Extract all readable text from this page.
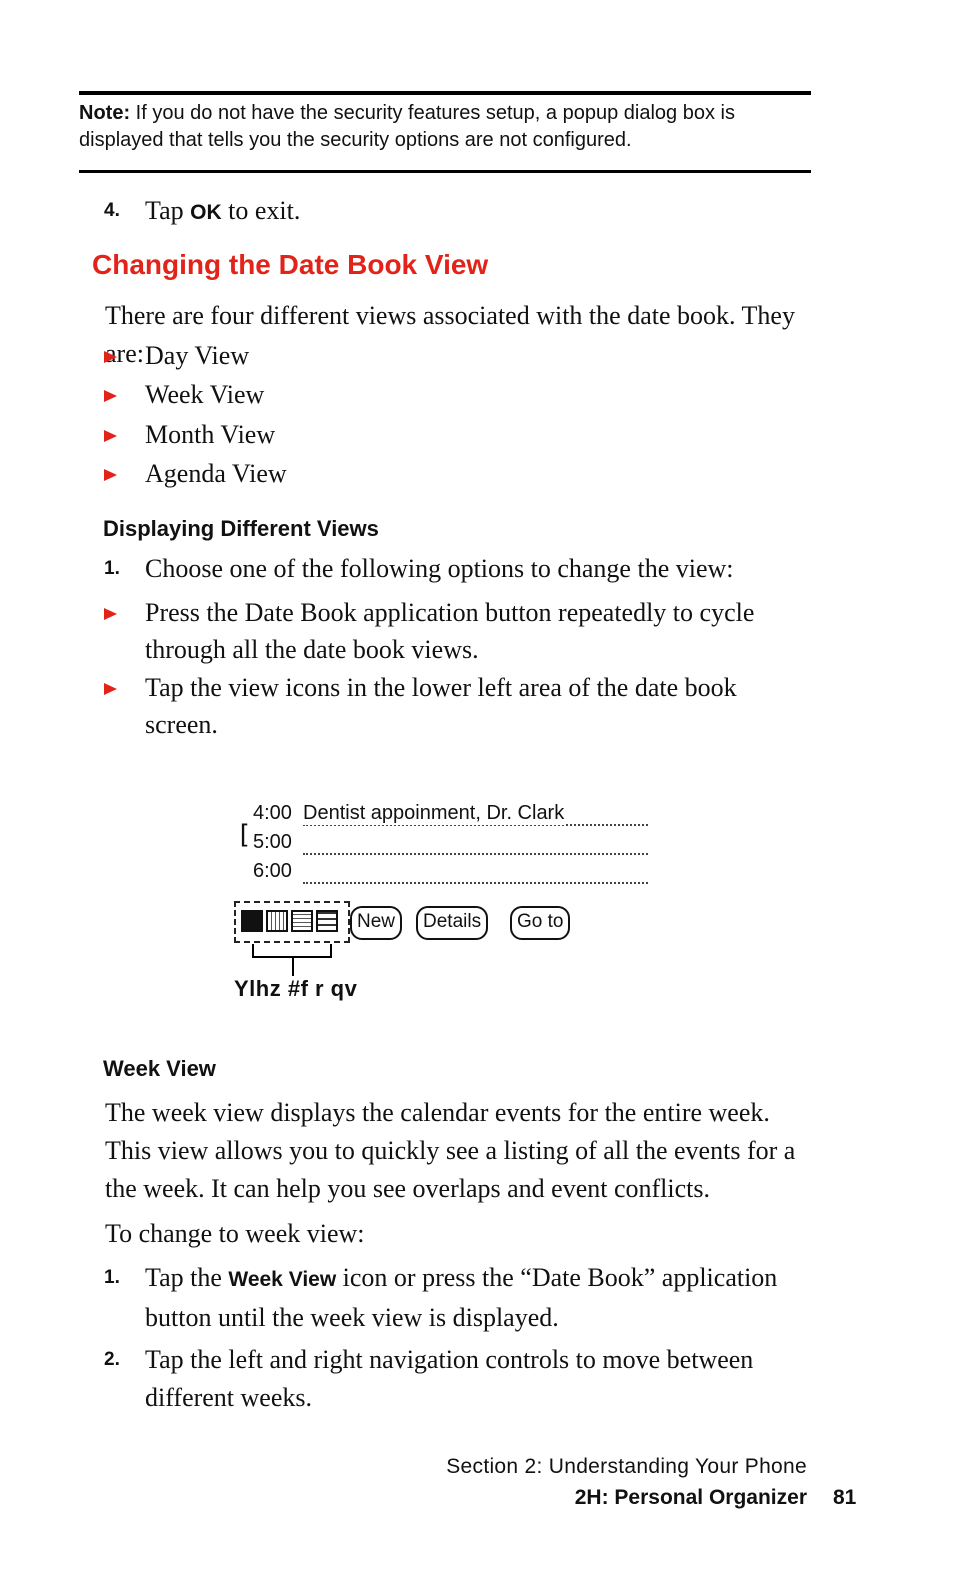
Note: If you do not have the security features setup, a popup dialog box is displayed that tells you the security options are not configured.
4. Tap OK to exit.
Changing the Date Book View

There are four different views associated with the date book. They are: Day View
Week View
Month View
Agenda View
Displaying Different Views
1. Choose one of the following options to change the view:
Press the Date Book application button repeatedly to cycle through all the date book views.
Tap the view icons in the lower left area of the date book screen.
[
4:00 Dentist appoinment, Dr. Clark
5:00
6:00
New	Details	Go to
Ylhz #f r qv
Week View

The week view displays the calendar events for the entire week. This view allows you to quickly see a listing of all the events for a the week. It can help you see overlaps and event conflicts.

To change to week view:

1. Tap the Week View icon or press the “Date Book” application button until the week view is displayed.
2. Tap the left and right navigation controls to move between different weeks.
Section 2: Understanding Your Phone
2H: Personal Organizer 81
